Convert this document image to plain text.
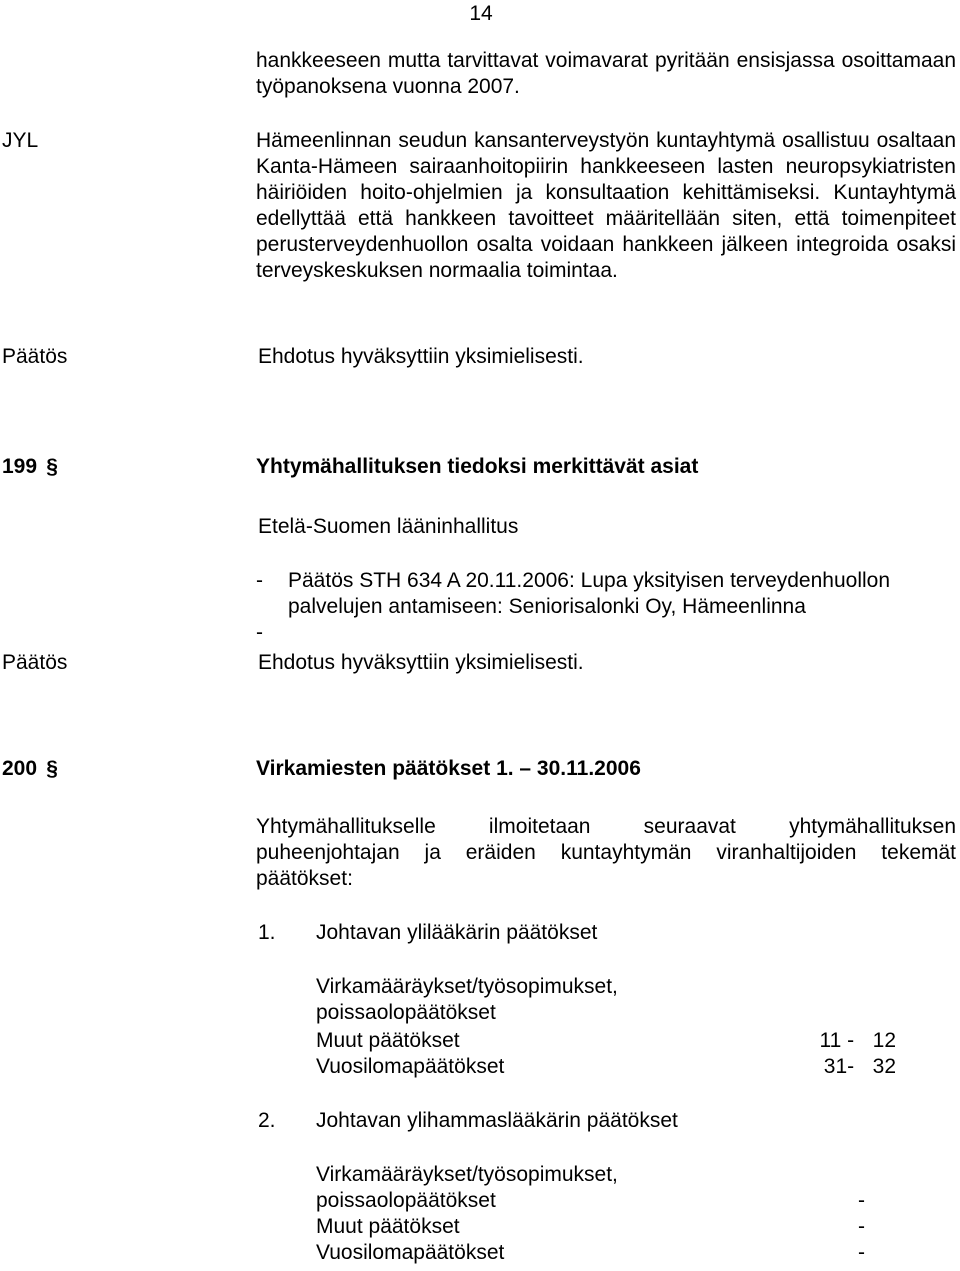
14
hankkeeseen mutta tarvittavat voimavarat pyritään ensisjassa osoittamaan työpanoksena vuonna 2007.
JYL	Hämeenlinnan seudun kansanterveystyön kuntayhtymä osallistuu osaltaan Kanta-Hämeen sairaanhoitopiirin hankkeeseen lasten neuropsykiatristen häiriöiden hoito-ohjelmien ja konsultaation kehittämiseksi. Kuntayhtymä edellyttää että hankkeen tavoitteet määritellään siten, että toimenpiteet perusterveydenhuollon osalta voidaan hankkeen jälkeen integroida osaksi terveyskeskuksen normaalia toimintaa.
Päätös	Ehdotus hyväksyttiin yksimielisesti.
199 §	Yhtymähallituksen tiedoksi merkittävät asiat
Etelä-Suomen lääninhallitus
- Päätös STH 634 A 20.11.2006: Lupa yksityisen terveydenhuollon
palvelujen antamiseen: Seniorisalonki Oy, Hämeenlinna
-
Päätös	Ehdotus hyväksyttiin yksimielisesti.
200 §	Virkamiesten päätökset 1. – 30.11.2006
Yhtymähallitukselle ilmoitetaan seuraavat yhtymähallituksen puheenjohtajan ja eräiden kuntayhtymän viranhaltijoiden tekemät päätökset:
1. Johtavan ylilääkärin päätökset
Virkamääräykset/työsopimukset,
poissaolopäätökset
Muut päätökset	11 - 12
Vuosilomapäätökset	31- 32
2. Johtavan ylihammaslääkärin päätökset
Virkamääräykset/työsopimukset,
poissaolopäätökset	-
Muut päätökset	-
Vuosilomapäätökset	-
